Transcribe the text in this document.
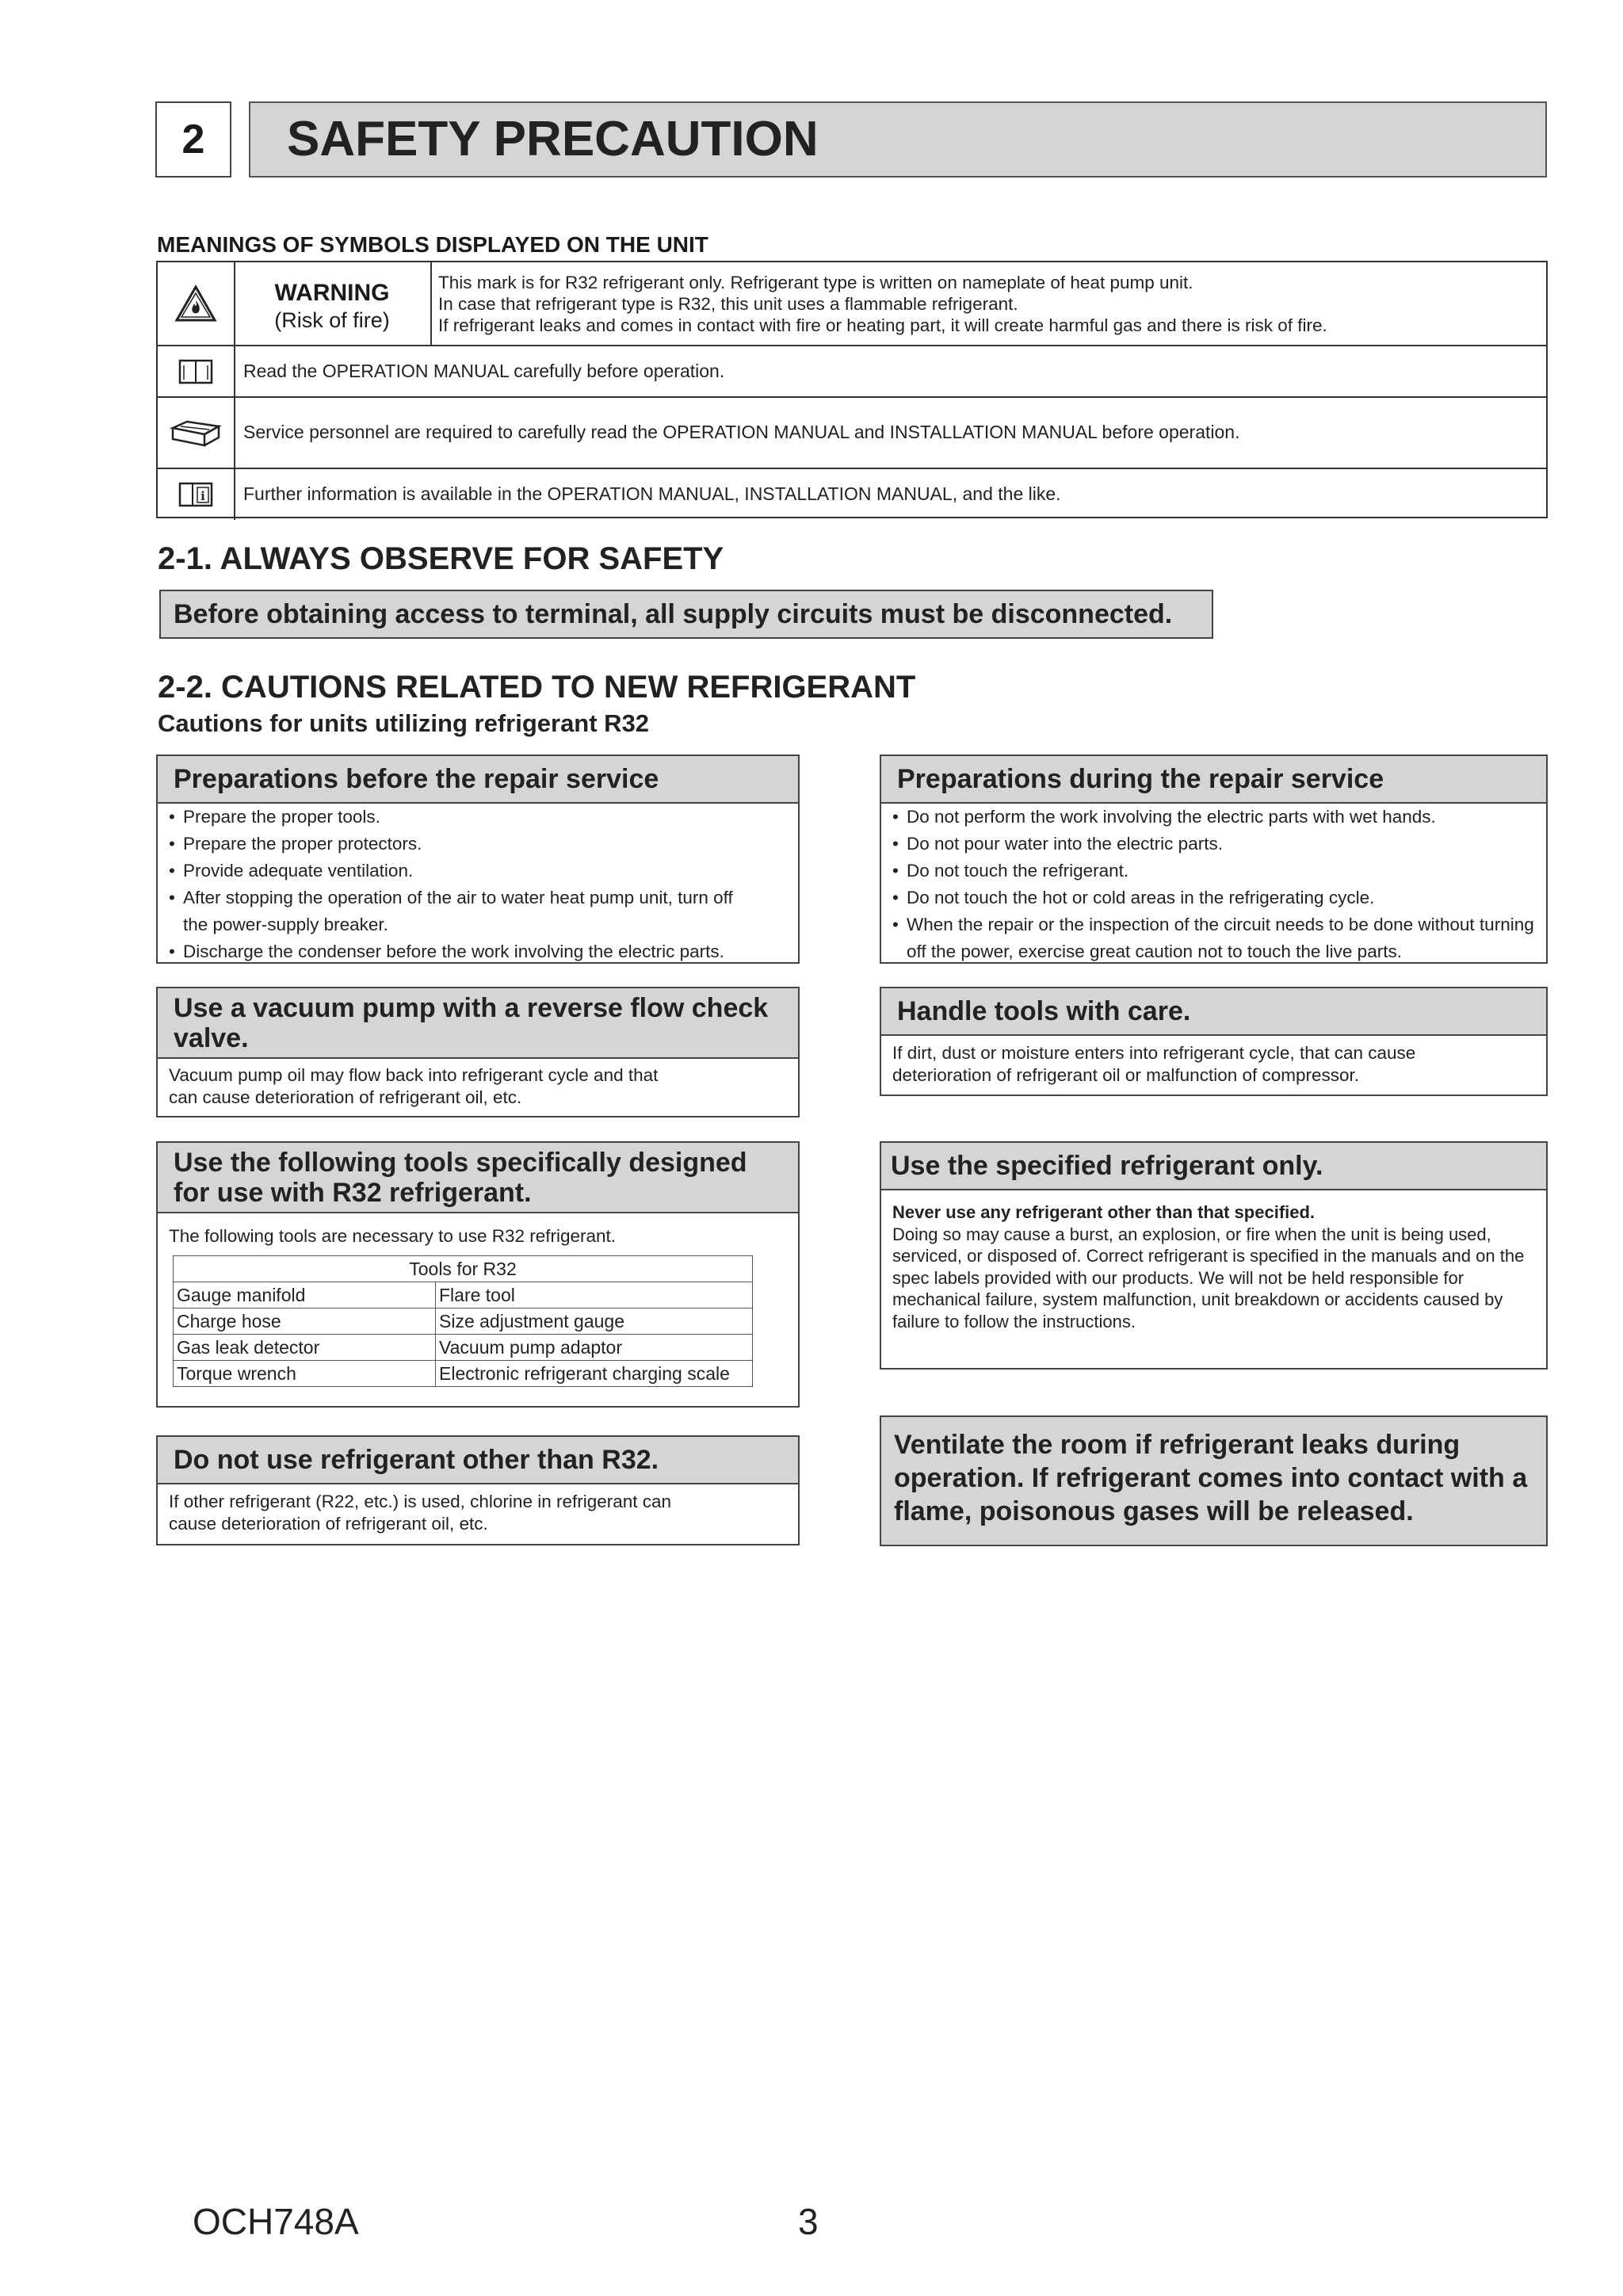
2	SAFETY PRECAUTION
MEANINGS OF SYMBOLS DISPLAYED ON THE UNIT
WARNING
(Risk of fire)
This mark is for R32 refrigerant only. Refrigerant type is written on nameplate of heat pump unit.
In case that refrigerant type is R32, this unit uses a flammable refrigerant.
If refrigerant leaks and comes in contact with fire or heating part, it will create harmful gas and there is risk of fire.
Read the OPERATION MANUAL carefully before operation.
Service personnel are required to carefully read the OPERATION MANUAL and INSTALLATION MANUAL before operation.
i Further information is available in the OPERATION MANUAL, INSTALLATION MANUAL, and the like.
2-1. ALWAYS OBSERVE FOR SAFETY
Before obtaining access to terminal, all supply circuits must be disconnected.
2-2. CAUTIONS RELATED TO NEW REFRIGERANT
Cautions for units utilizing refrigerant R32
Preparations before the repair service
• Prepare the proper tools.
• Prepare the proper protectors.
• Provide adequate ventilation.
• After stopping the operation of the air to water heat pump unit, turn off the power-supply breaker.
• Discharge the condenser before the work involving the electric parts.
Preparations during the repair service
• Do not perform the work involving the electric parts with wet hands.
• Do not pour water into the electric parts.
• Do not touch the refrigerant.
• Do not touch the hot or cold areas in the refrigerating cycle.
• When the repair or the inspection of the circuit needs to be done without turning off the power, exercise great caution not to touch the live parts.
Use a vacuum pump with a reverse flow check valve.
Vacuum pump oil may flow back into refrigerant cycle and that can cause deterioration of refrigerant oil, etc.
Handle tools with care.
If dirt, dust or moisture enters into refrigerant cycle, that can cause deterioration of refrigerant oil or malfunction of compressor.
Use the following tools specifically designed for use with R32 refrigerant.
The following tools are necessary to use R32 refrigerant.
Tools for R32	
Gauge manifold	Flare tool
Charge hose	Size adjustment gauge
Gas leak detector	Vacuum pump adaptor
Torque wrench	Electronic refrigerant charging scale
Use the specified refrigerant only.
Never use any refrigerant other than that specified.
Doing so may cause a burst, an explosion, or fire when the unit is being used, serviced, or disposed of. Correct refrigerant is specified in the manuals and on the spec labels provided with our products. We will not be held responsible for mechanical failure, system malfunction, unit breakdown or accidents caused by failure to follow the instructions.
Do not use refrigerant other than R32.
If other refrigerant (R22, etc.) is used, chlorine in refrigerant can cause deterioration of refrigerant oil, etc.
Ventilate the room if refrigerant leaks during operation. If refrigerant comes into contact with a flame, poisonous gases will be released.
OCH748A	3
